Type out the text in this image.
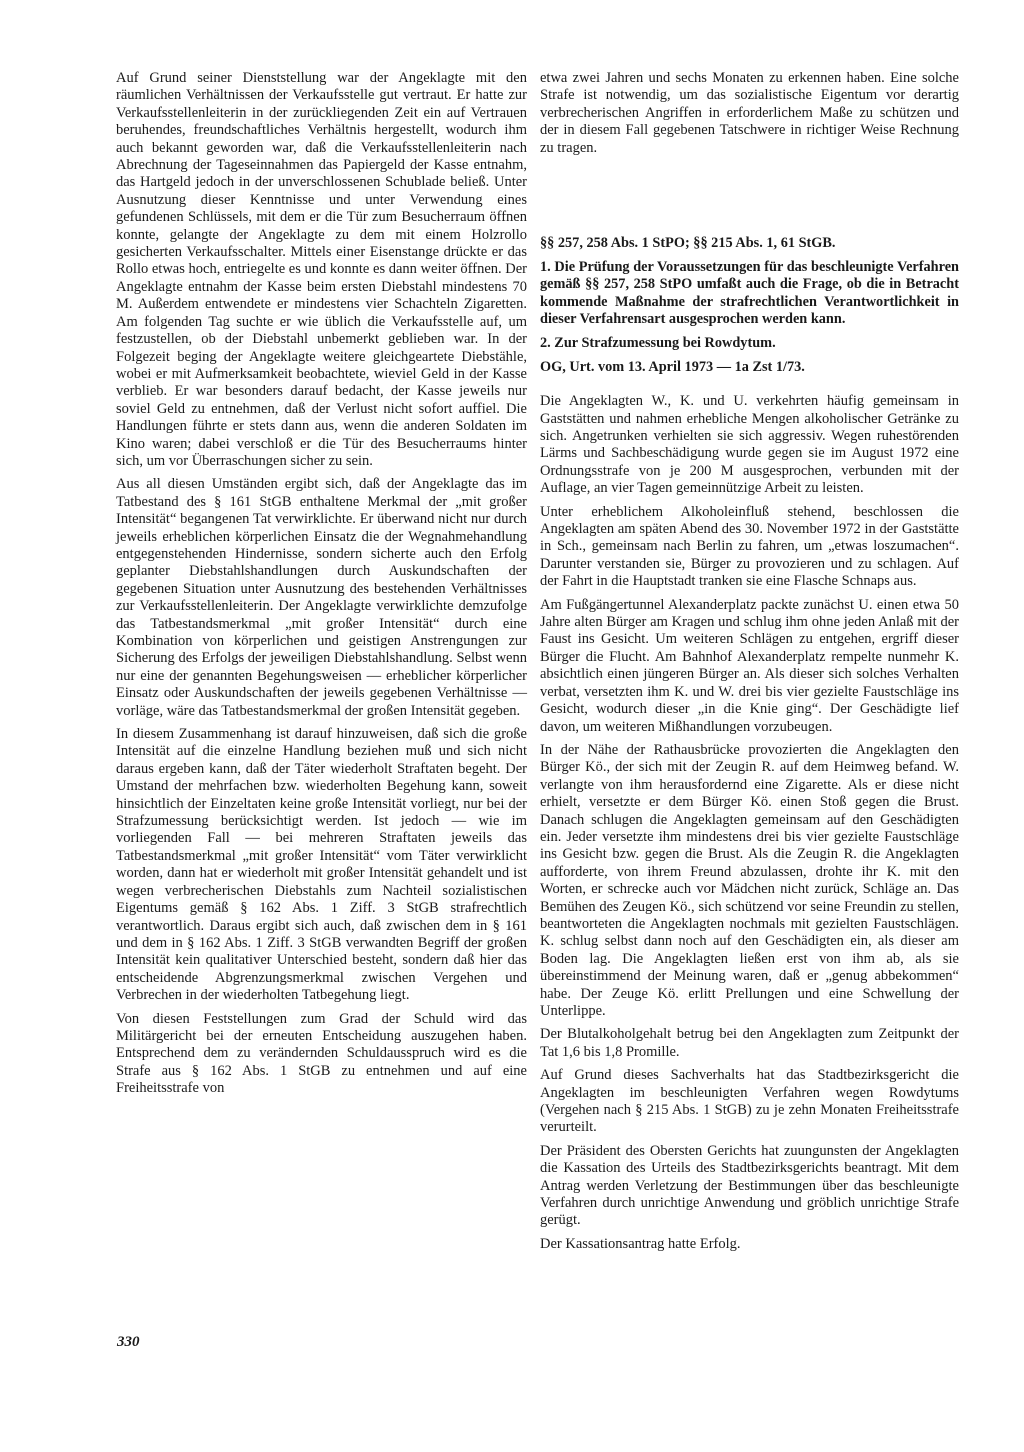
Auf Grund seiner Dienststellung war der Angeklagte mit den räumlichen Verhältnissen der Verkaufsstelle gut vertraut. Er hatte zur Verkaufsstellenleiterin in der zurückliegenden Zeit ein auf Vertrauen beruhendes, freundschaftliches Verhältnis hergestellt, wodurch ihm auch bekannt geworden war, daß die Verkaufsstellenleiterin nach Abrechnung der Tageseinnahmen das Papiergeld der Kasse entnahm, das Hartgeld jedoch in der unverschlossenen Schublade beließ. Unter Ausnutzung dieser Kenntnisse und unter Verwendung eines gefundenen Schlüssels, mit dem er die Tür zum Besucherraum öffnen konnte, gelangte der Angeklagte zu dem mit einem Holzrollo gesicherten Verkaufsschalter. Mittels einer Eisenstange drückte er das Rollo etwas hoch, entriegelte es und konnte es dann weiter öffnen. Der Angeklagte entnahm der Kasse beim ersten Diebstahl mindestens 70 M. Außerdem entwendete er mindestens vier Schachteln Zigaretten. Am folgenden Tag suchte er wie üblich die Verkaufsstelle auf, um festzustellen, ob der Diebstahl unbemerkt geblieben war. In der Folgezeit beging der Angeklagte weitere gleichgeartete Diebstähle, wobei er mit Aufmerksamkeit beobachtete, wieviel Geld in der Kasse verblieb. Er war besonders darauf bedacht, der Kasse jeweils nur soviel Geld zu entnehmen, daß der Verlust nicht sofort auffiel. Die Handlungen führte er stets dann aus, wenn die anderen Soldaten im Kino waren; dabei verschloß er die Tür des Besucherraums hinter sich, um vor Überraschungen sicher zu sein.

Aus all diesen Umständen ergibt sich, daß der Angeklagte das im Tatbestand des § 161 StGB enthaltene Merkmal der „mit großer Intensität“ begangenen Tat verwirklichte. Er überwand nicht nur durch jeweils erheblichen körperlichen Einsatz die der Wegnahmehandlung entgegenstehenden Hindernisse, sondern sicherte auch den Erfolg geplanter Diebstahlshandlungen durch Auskundschaften der gegebenen Situation unter Ausnutzung des bestehenden Verhältnisses zur Verkaufsstellenleiterin. Der Angeklagte verwirklichte demzufolge das Tatbestandsmerkmal „mit großer Intensität“ durch eine Kombination von körperlichen und geistigen Anstrengungen zur Sicherung des Erfolgs der jeweiligen Diebstahlshandlung. Selbst wenn nur eine der genannten Begehungsweisen — erheblicher körperlicher Einsatz oder Auskundschaften der jeweils gegebenen Verhältnisse — vorläge, wäre das Tatbestandsmerkmal der großen Intensität gegeben.

In diesem Zusammenhang ist darauf hinzuweisen, daß sich die große Intensität auf die einzelne Handlung beziehen muß und sich nicht daraus ergeben kann, daß der Täter wiederholt Straftaten begeht. Der Umstand der mehrfachen bzw. wiederholten Begehung kann, soweit hinsichtlich der Einzeltaten keine große Intensität vorliegt, nur bei der Strafzumessung berücksichtigt werden. Ist jedoch — wie im vorliegenden Fall — bei mehreren Straftaten jeweils das Tatbestandsmerkmal „mit großer Intensität“ vom Täter verwirklicht worden, dann hat er wiederholt mit großer Intensität gehandelt und ist wegen verbrecherischen Diebstahls zum Nachteil sozialistischen Eigentums gemäß § 162 Abs. 1 Ziff. 3 StGB strafrechtlich verantwortlich. Daraus ergibt sich auch, daß zwischen dem in § 161 und dem in § 162 Abs. 1 Ziff. 3 StGB verwandten Begriff der großen Intensität kein qualitativer Unterschied besteht, sondern daß hier das entscheidende Abgrenzungsmerkmal zwischen Vergehen und Verbrechen in der wiederholten Tatbegehung liegt.

Von diesen Feststellungen zum Grad der Schuld wird das Militärgericht bei der erneuten Entscheidung auszugehen haben. Entsprechend dem zu verändernden Schuldausspruch wird es die Strafe aus § 162 Abs. 1 StGB zu entnehmen und auf eine Freiheitsstrafe von

etwa zwei Jahren und sechs Monaten zu erkennen haben. Eine solche Strafe ist notwendig, um das sozialistische Eigentum vor derartig verbrecherischen Angriffen in erforderlichem Maße zu schützen und der in diesem Fall gegebenen Tatschwere in richtiger Weise Rechnung zu tragen.

§§ 257, 258 Abs. 1 StPO; §§ 215 Abs. 1, 61 StGB.

1. Die Prüfung der Voraussetzungen für das beschleunigte Verfahren gemäß §§ 257, 258 StPO umfaßt auch die Frage, ob die in Betracht kommende Maßnahme der strafrechtlichen Verantwortlichkeit in dieser Verfahrensart ausgesprochen werden kann.

2. Zur Strafzumessung bei Rowdytum.

OG, Urt. vom 13. April 1973 — 1a Zst 1/73.

Die Angeklagten W., K. und U. verkehrten häufig gemeinsam in Gaststätten und nahmen erhebliche Mengen alkoholischer Getränke zu sich. Angetrunken verhielten sie sich aggressiv. Wegen ruhestörenden Lärms und Sachbeschädigung wurde gegen sie im August 1972 eine Ordnungsstrafe von je 200 M ausgesprochen, verbunden mit der Auflage, an vier Tagen gemeinnützige Arbeit zu leisten.

Unter erheblichem Alkoholeinfluß stehend, beschlossen die Angeklagten am späten Abend des 30. November 1972 in der Gaststätte in Sch., gemeinsam nach Berlin zu fahren, um „etwas loszumachen“. Darunter verstanden sie, Bürger zu provozieren und zu schlagen. Auf der Fahrt in die Hauptstadt tranken sie eine Flasche Schnaps aus.

Am Fußgängertunnel Alexanderplatz packte zunächst U. einen etwa 50 Jahre alten Bürger am Kragen und schlug ihm ohne jeden Anlaß mit der Faust ins Gesicht. Um weiteren Schlägen zu entgehen, ergriff dieser Bürger die Flucht. Am Bahnhof Alexanderplatz rempelte nunmehr K. absichtlich einen jüngeren Bürger an. Als dieser sich solches Verhalten verbat, versetzten ihm K. und W. drei bis vier gezielte Faustschläge ins Gesicht, wodurch dieser „in die Knie ging“. Der Geschädigte lief davon, um weiteren Mißhandlungen vorzubeugen.

In der Nähe der Rathausbrücke provozierten die Angeklagten den Bürger Kö., der sich mit der Zeugin R. auf dem Heimweg befand. W. verlangte von ihm herausfordernd eine Zigarette. Als er diese nicht erhielt, versetzte er dem Bürger Kö. einen Stoß gegen die Brust. Danach schlugen die Angeklagten gemeinsam auf den Geschädigten ein. Jeder versetzte ihm mindestens drei bis vier gezielte Faustschläge ins Gesicht bzw. gegen die Brust. Als die Zeugin R. die Angeklagten aufforderte, von ihrem Freund abzulassen, drohte ihr K. mit den Worten, er schrecke auch vor Mädchen nicht zurück, Schläge an. Das Bemühen des Zeugen Kö., sich schützend vor seine Freundin zu stellen, beantworteten die Angeklagten nochmals mit gezielten Faustschlägen. K. schlug selbst dann noch auf den Geschädigten ein, als dieser am Boden lag. Die Angeklagten ließen erst von ihm ab, als sie übereinstimmend der Meinung waren, daß er „genug abbekommen“ habe. Der Zeuge Kö. erlitt Prellungen und eine Schwellung der Unterlippe.

Der Blutalkoholgehalt betrug bei den Angeklagten zum Zeitpunkt der Tat 1,6 bis 1,8 Promille.

Auf Grund dieses Sachverhalts hat das Stadtbezirksgericht die Angeklagten im beschleunigten Verfahren wegen Rowdytums (Vergehen nach § 215 Abs. 1 StGB) zu je zehn Monaten Freiheitsstrafe verurteilt.

Der Präsident des Obersten Gerichts hat zuungunsten der Angeklagten die Kassation des Urteils des Stadtbezirksgerichts beantragt. Mit dem Antrag werden Verletzung der Bestimmungen über das beschleunigte Verfahren durch unrichtige Anwendung und gröblich unrichtige Strafe gerügt.

Der Kassationsantrag hatte Erfolg.

330
